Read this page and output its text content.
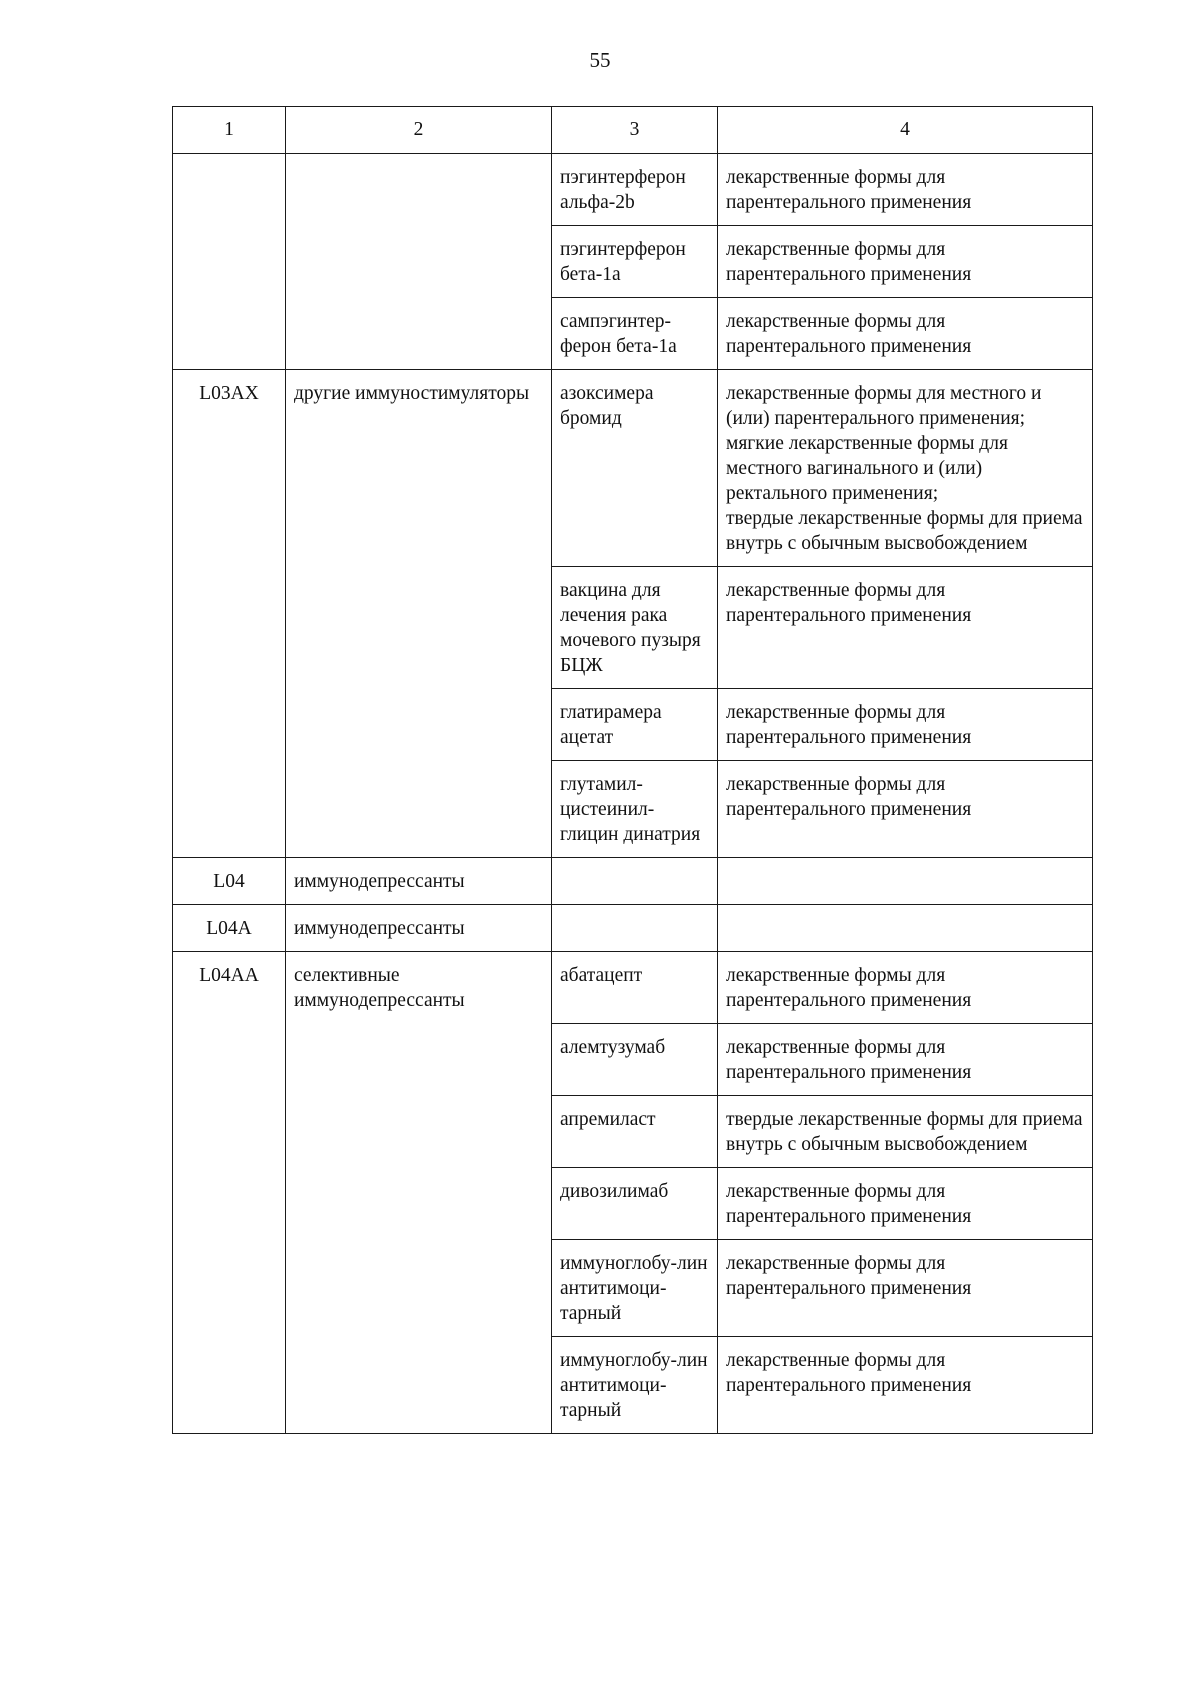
55
1	2	3	4
		пэгинтерферон альфа-2b	лекарственные формы для парентерального применения

		пэгинтерферон бета-1а	лекарственные формы для парентерального применения

		сампэгинтер-ферон бета-1а	лекарственные формы для парентерального применения

L03AX	другие иммуностимуляторы	азоксимера бромид	лекарственные формы для местного и (или) парентерального применения;
мягкие лекарственные формы для местного вагинального и (или) ректального применения;
твердые лекарственные формы для приема внутрь с обычным высвобождением

		вакцина для лечения рака мочевого пузыря БЦЖ	лекарственные формы для парентерального применения

		глатирамера ацетат	лекарственные формы для парентерального применения

		глутамил-цистеинил-глицин динатрия	лекарственные формы для парентерального применения

L04	иммунодепрессанты		

L04A	иммунодепрессанты		

L04AA	селективные иммунодепрессанты	абатацепт	лекарственные формы для парентерального применения

		алемтузумаб	лекарственные формы для парентерального применения

		апремиласт	твердые лекарственные формы для приема внутрь с обычным высвобождением

		дивозилимаб	лекарственные формы для парентерального применения

		иммуноглобу-лин антитимоци-тарный	лекарственные формы для парентерального применения

		иммуноглобу-лин антитимоци-тарный	лекарственные формы для парентерального применения
